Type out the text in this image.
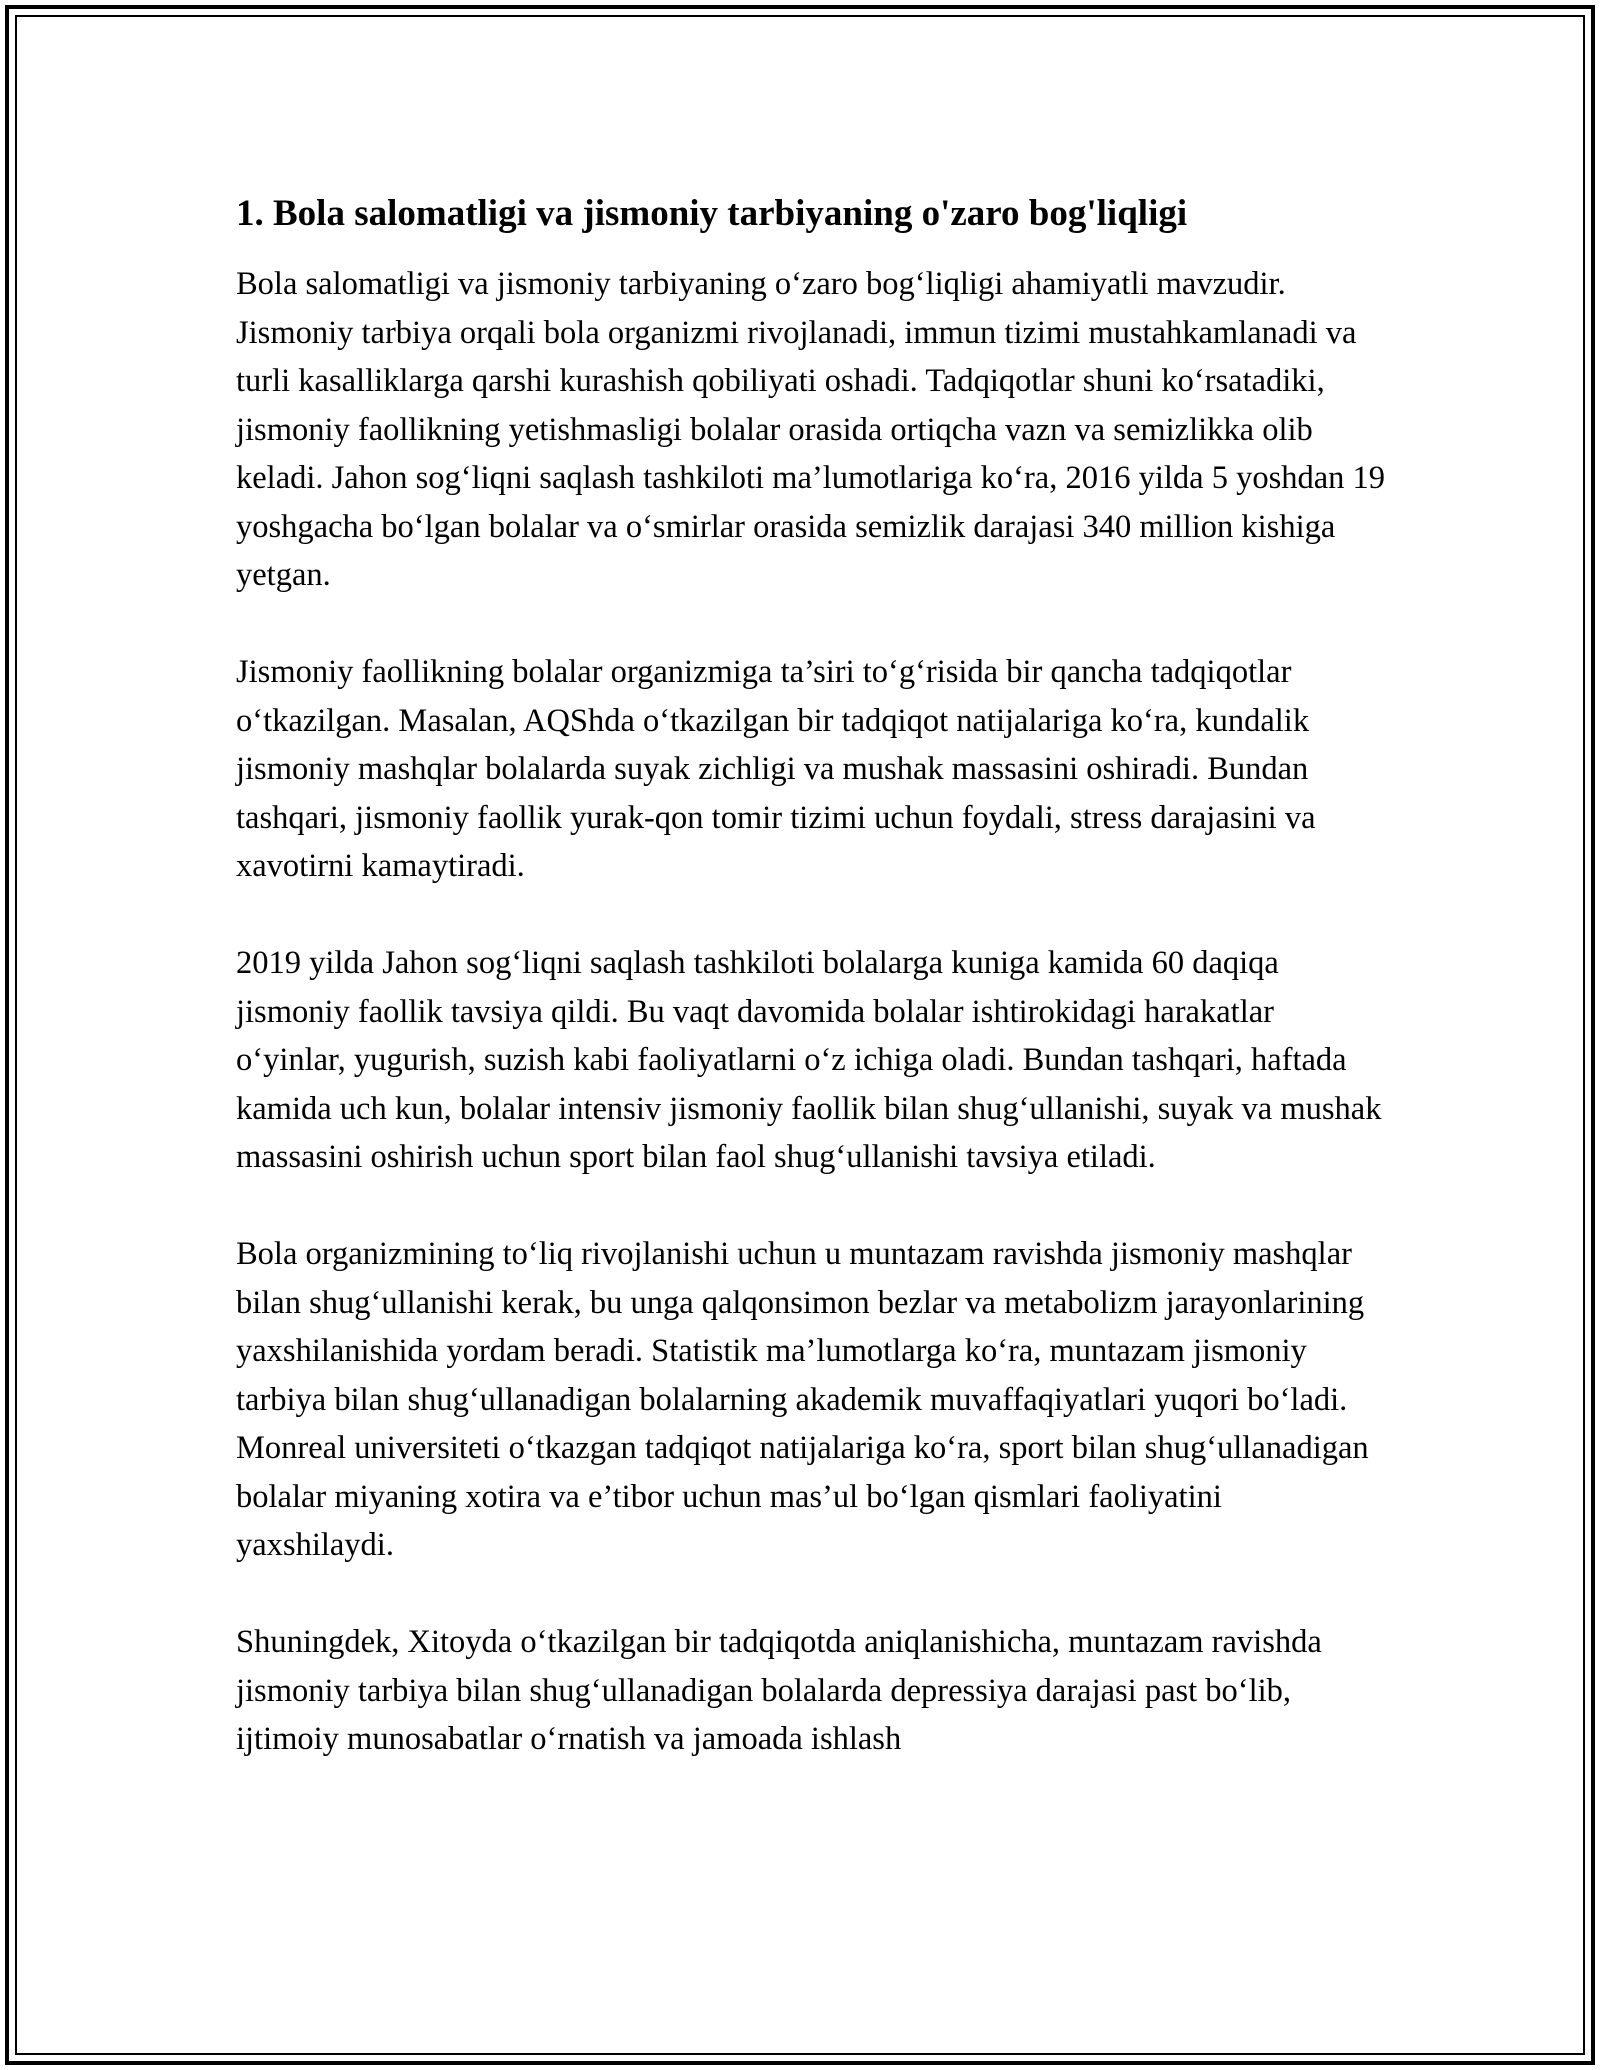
1. Bola salomatligi va jismoniy tarbiyaning o'zaro bog'liqligi

Bola salomatligi va jismoniy tarbiyaning o‘zaro bog‘liqligi ahamiyatli mavzudir. Jismoniy tarbiya orqali bola organizmi rivojlanadi, immun tizimi mustahkamlanadi va turli kasalliklarga qarshi kurashish qobiliyati oshadi. Tadqiqotlar shuni ko‘rsatadiki, jismoniy faollikning yetishmasligi bolalar orasida ortiqcha vazn va semizlikka olib keladi. Jahon sog‘liqni saqlash tashkiloti ma’lumotlariga ko‘ra, 2016 yilda 5 yoshdan 19 yoshgacha bo‘lgan bolalar va o‘smirlar orasida semizlik darajasi 340 million kishiga yetgan.

Jismoniy faollikning bolalar organizmiga ta’siri to‘g‘risida bir qancha tadqiqotlar o‘tkazilgan. Masalan, AQShda o‘tkazilgan bir tadqiqot natijalariga ko‘ra, kundalik jismoniy mashqlar bolalarda suyak zichligi va mushak massasini oshiradi. Bundan tashqari, jismoniy faollik yurak-qon tomir tizimi uchun foydali, stress darajasini va xavotirni kamaytiradi.

2019 yilda Jahon sog‘liqni saqlash tashkiloti bolalarga kuniga kamida 60 daqiqa jismoniy faollik tavsiya qildi. Bu vaqt davomida bolalar ishtirokidagi harakatlar o‘yinlar, yugurish, suzish kabi faoliyatlarni o‘z ichiga oladi. Bundan tashqari, haftada kamida uch kun, bolalar intensiv jismoniy faollik bilan shug‘ullanishi, suyak va mushak massasini oshirish uchun sport bilan faol shug‘ullanishi tavsiya etiladi.

Bola organizmining to‘liq rivojlanishi uchun u muntazam ravishda jismoniy mashqlar bilan shug‘ullanishi kerak, bu unga qalqonsimon bezlar va metabolizm jarayonlarining yaxshilanishida yordam beradi. Statistik ma’lumotlarga ko‘ra, muntazam jismoniy tarbiya bilan shug‘ullanadigan bolalarning akademik muvaffaqiyatlari yuqori bo‘ladi. Monreal universiteti o‘tkazgan tadqiqot natijalariga ko‘ra, sport bilan shug‘ullanadigan bolalar miyaning xotira va e’tibor uchun mas’ul bo‘lgan qismlari faoliyatini yaxshilaydi.

Shuningdek, Xitoyda o‘tkazilgan bir tadqiqotda aniqlanishicha, muntazam ravishda jismoniy tarbiya bilan shug‘ullanadigan bolalarda depressiya darajasi past bo‘lib, ijtimoiy munosabatlar o‘rnatish va jamoada ishlash
